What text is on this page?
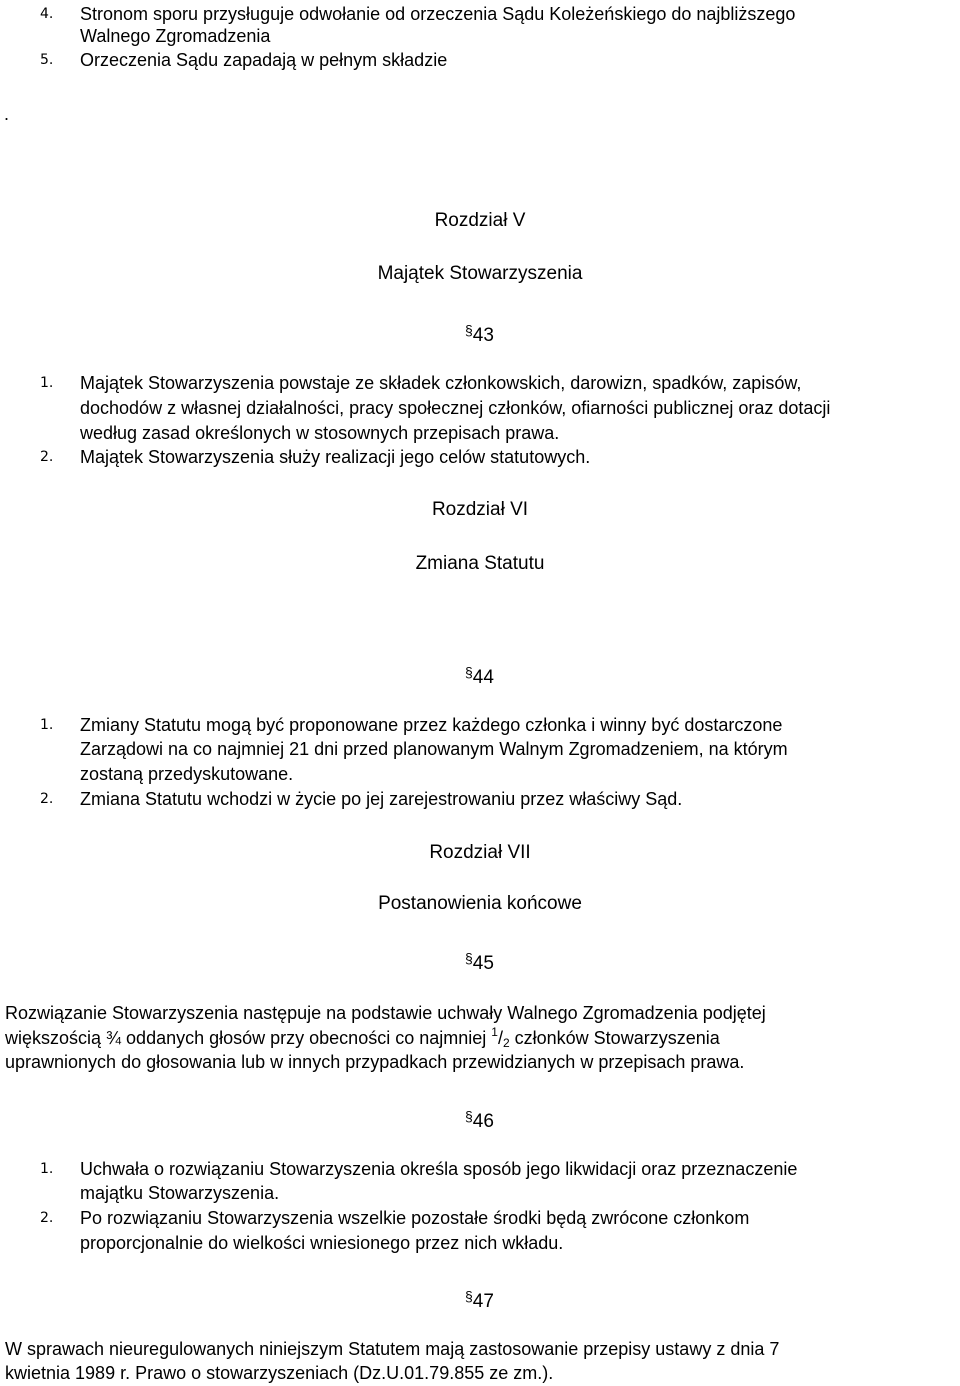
4. Stronom sporu przysługuje odwołanie od orzeczenia Sądu Koleżeńskiego do najbliższego
Walnego Zgromadzenia
5. Orzeczenia Sądu zapadają w pełnym składzie
.
Rozdział V
Majątek Stowarzyszenia
§43
1. Majątek Stowarzyszenia powstaje ze składek członkowskich, darowizn, spadków, zapisów,
dochodów z własnej działalności, pracy społecznej członków, ofiarności publicznej oraz dotacji
według zasad określonych w stosownych przepisach prawa.
2. Majątek Stowarzyszenia służy realizacji jego celów statutowych.
Rozdział VI
Zmiana Statutu
§44
1. Zmiany Statutu mogą być proponowane przez każdego członka i winny być dostarczone
Zarządowi na co najmniej 21 dni przed planowanym Walnym Zgromadzeniem, na którym
zostaną przedyskutowane.
2. Zmiana Statutu wchodzi w życie po jej zarejestrowaniu przez właściwy Sąd.
Rozdział VII
Postanowienia końcowe
§45
Rozwiązanie Stowarzyszenia następuje na podstawie uchwały Walnego Zgromadzenia podjętej
większością ¾ oddanych głosów przy obecności co najmniej $^1/_2$ członków Stowarzyszenia
uprawnionych do głosowania lub w innych przypadkach przewidzianych w przepisach prawa.
§46
1. Uchwała o rozwiązaniu Stowarzyszenia określa sposób jego likwidacji oraz przeznaczenie
majątku Stowarzyszenia.
2. Po rozwiązaniu Stowarzyszenia wszelkie pozostałe środki będą zwrócone członkom
proporcjonalnie do wielkości wniesionego przez nich wkładu.
§47
W sprawach nieuregulowanych niniejszym Statutem mają zastosowanie przepisy ustawy z dnia 7
kwietnia 1989 r. Prawo o stowarzyszeniach (Dz.U.01.79.855 ze zm.).
